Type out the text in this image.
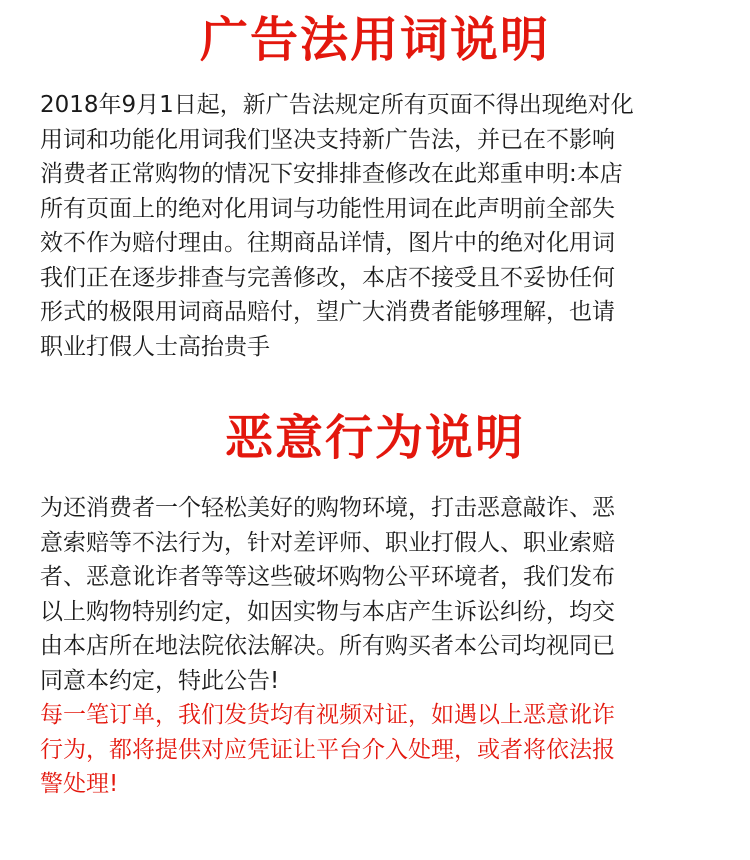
广告法用词说明
2018年9月1日起，新广告法规定所有页面不得出现绝对化
用词和功能化用词我们坚决支持新广告法，并已在不影响
消费者正常购物的情况下安排排查修改在此郑重申明:本店
所有页面上的绝对化用词与功能性用词在此声明前全部失
效不作为赔付理由。往期商品详情，图片中的绝对化用词
我们正在逐步排查与完善修改，本店不接受且不妥协任何
形式的极限用词商品赔付，望广大消费者能够理解，也请
职业打假人士高抬贵手
恶意行为说明
为还消费者一个轻松美好的购物环境，打击恶意敲诈、恶
意索赔等不法行为，针对差评师、职业打假人、职业索赔
者、恶意讹诈者等等这些破坏购物公平环境者，我们发布
以上购物特别约定，如因实物与本店产生诉讼纠纷，均交
由本店所在地法院依法解决。所有购买者本公司均视同已
同意本约定，特此公告!
每一笔订单，我们发货均有视频对证，如遇以上恶意讹诈
行为，都将提供对应凭证让平台介入处理，或者将依法报
警处理!
